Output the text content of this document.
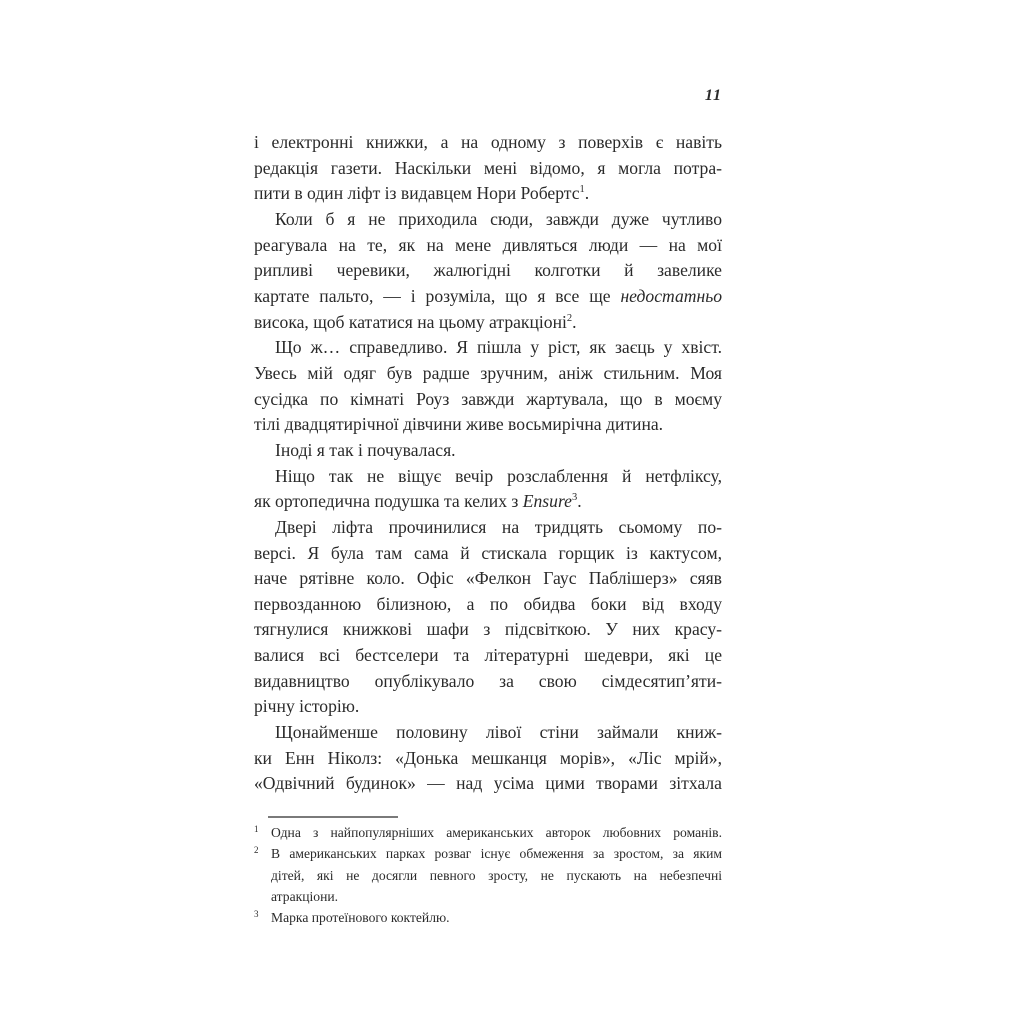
11
і електронні книжки, а на одному з поверхів є навіть
редакція газети. Наскільки мені відомо, я могла потра-
пити в один ліфт із видавцем Нори Робертс$^1$.
Коли б я не приходила сюди, завжди дуже чутливо
реагувала на те, як на мене дивляться люди — на мої
рипливі черевики, жалюгідні колготки й завелике
картате пальто, — і розуміла, що я все ще недостатньо
висока, щоб кататися на цьому атракціоні$^2$.
Що ж… справедливо. Я пішла у ріст, як заєць у хвіст.
Увесь мій одяг був радше зручним, аніж стильним. Моя
сусідка по кімнаті Роуз завжди жартувала, що в моєму
тілі двадцятирічної дівчини живе восьмирічна дитина.
Іноді я так і почувалася.
Ніщо так не віщує вечір розслаблення й нетфліксу,
як ортопедична подушка та келих з Ensure$^3$.
Двері ліфта прочинилися на тридцять сьомому по-
версі. Я була там сама й стискала горщик із кактусом,
наче рятівне коло. Офіс «Фелкон Гаус Паблішерз» сяяв
первозданною білизною, а по обидва боки від входу
тягнулися книжкові шафи з підсвіткою. У них красу-
валися всі бестселери та літературні шедеври, які це
видавництво опублікувало за свою сімдесятип’яти-
річну історію.
Щонайменше половину лівої стіни займали книж-
ки Енн Ніколз: «Донька мешканця морів», «Ліс мрій»,
«Одвічний будинок» — над усіма цими творами зітхала
1 Одна з найпопулярніших американських авторок любовних романів.
2 В американських парках розваг існує обмеження за зростом, за яким
дітей, які не досягли певного зросту, не пускають на небезпечні
атракціони.
3 Марка протеїнового коктейлю.
